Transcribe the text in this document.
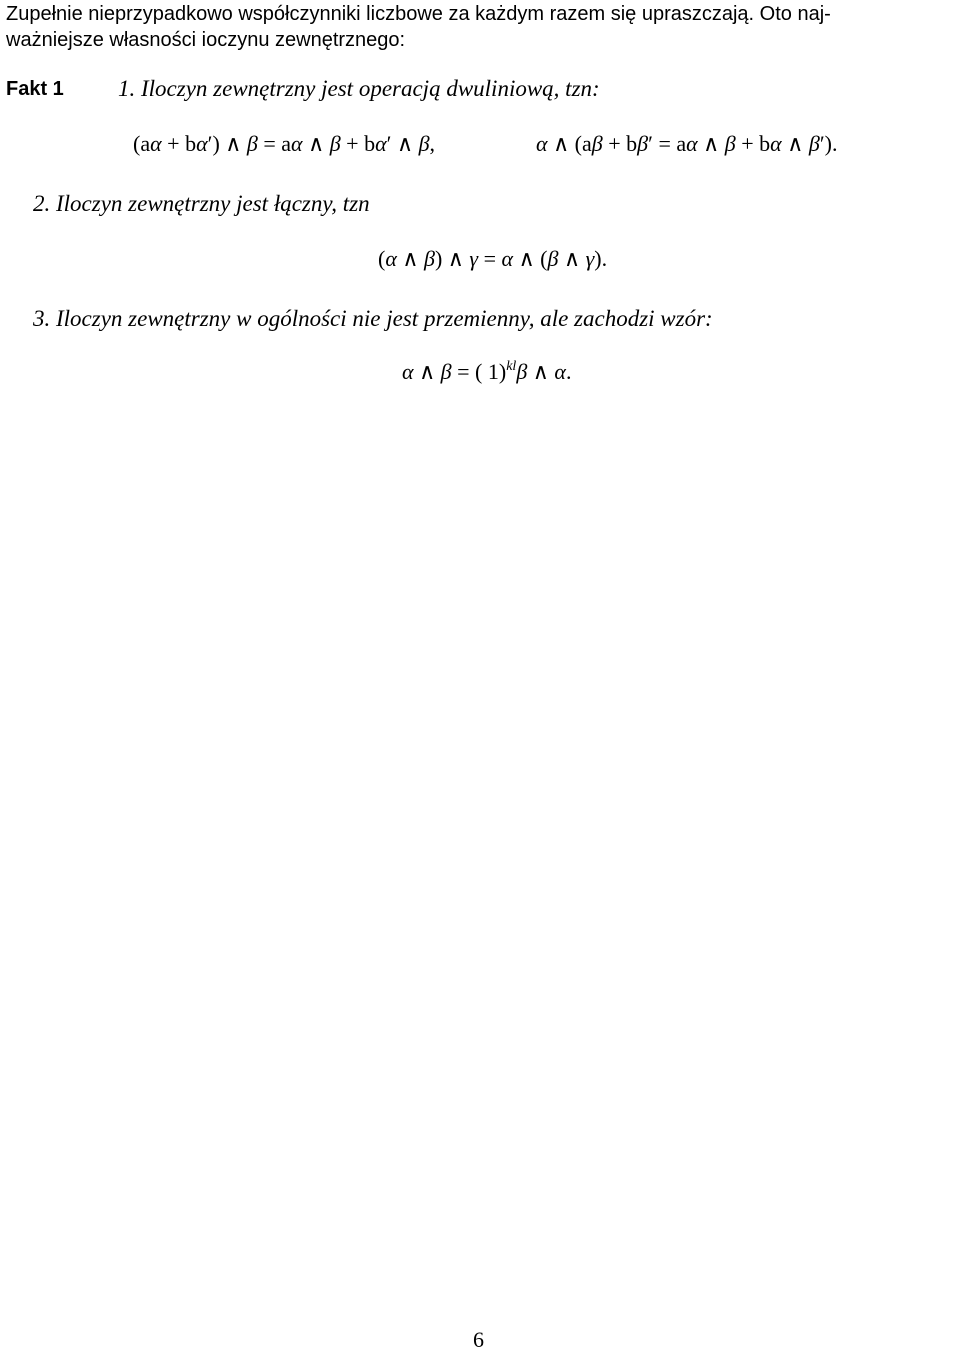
Zupełnie nieprzypadkowo współczynniki liczbowe za każdym razem się upraszczają. Oto naj-
ważniejsze własności ioczynu zewnętrznego:
Fakt 1 1. Iloczyn zewnętrzny jest operacją dwuliniową, tzn:
(aα + bα′) ∧ β = aα ∧ β + bα′ ∧ β,	α ∧ (aβ + bβ′ = aα ∧ β + bα ∧ β′).
2. Iloczyn zewnętrzny jest łączny, tzn
(α ∧ β) ∧ γ = α ∧ (β ∧ γ).
3. Iloczyn zewnętrzny w ogólności nie jest przemienny, ale zachodzi wzór:
α ∧ β = ( 1)$^{kl}$β ∧ α.
6
